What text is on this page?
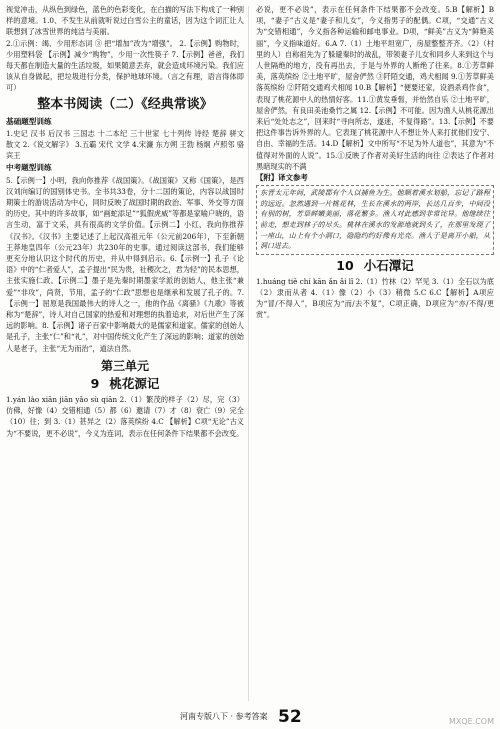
视觉冲击，从纵色到绿色，蓝色的色彩变化，在白描的写法下构成了一种别样的意境。1.0、不发生从前就听说过白雪公主的童话，因为这个词汇让人联想到了冰雪世界的纯洁与美丽。

2.①示例：竭、少用形态词 ③ 把“增加”改为“增强”。 2.【示例】购物时，少用塑料袋 【示例】减少“购物”，少用一次性筷子 7.【示例】爸爸，我们每天都在制造大量的生活垃圾，如果随意丢弃，就会造成环境污染。我们应该从自身做起，把垃圾进行分类，保护地球环境。（言之有理，语言得体即可）

整本书阅读（二）《经典常谈》
基础题型训练

1.史记 汉书 后汉书 三国志 十二本纪 三十世家 七十列传 诗经 楚辞 骈文 散文 2.《说文解字》 3.五霸 宋代 文学 4.宋濂 东方朔 王勃 杨炯 卢照邻 骆宾王

中考题型训练

5.【示例一】小明，我向你推荐《战国策》。《战国策》又称《国策》，是西汉刘向编订的国别体史书。全书共33卷，分十二国的策论，内容以战国时期策士的游说活动为中心，同时反映了战国时期的政治、军事、外交等方面的历史。其中的许多故事，如“画蛇添足”“狐假虎威”等都是家喻户晓的，语言生动，富于文采，具有很高的文学价值。【示例二】小红，我向你推荐《汉书》。《汉书》主要记述了上起汉高祖元年（公元前206年），下至新朝王莽地皇四年（公元23年）共230年的史事。通过阅读这部书，我们能够更充分地认识这个时代的历史，并从中得到启示。6.【示例一】孔子《论语》中的“仁者爱人”，孟子提出“民为贵，社稷次之，君为轻”的民本思想，主张实施仁政。【示例二】墨子是先秦时期墨家学派的创始人，他主张“兼爱”“非攻”，尚贤，节用，孟子的“仁政”思想也是继承和发展了孔子的。7.【示例一】屈原是我国最伟大的诗人之一，他的作品《离骚》《九歌》等被称为“楚辞”，诗人对自己国家的热爱和对理想的执着追求，对后世产生了深远的影响。8.【示例】诸子百家中影响最大的是儒家和道家。儒家的创始人是孔子，主张“仁”和“礼”，对中国传统文化产生了深远的影响；道家的创始人是老子，主张“无为而治”，道法自然。

第三单元
9 桃花源记

1.yán lào xiān jiān yǎo sù qiān 2.（1）繁茂的样子（2）尽，完（3）仿佛，好像（4）交错相通（5）都（6）邀请（7）才（8）衰亡（9）完全（10）往；到 3.（1）甚异之（2）落英缤纷 4.C 【解析】C项“无论”古义为“不要说，更不必说”，今义为连词，表示在任何条件下结果都不会改变。

必说，更不必说”，表示在任何条件下结果都不会改变。5.B【解析】B项，“妻子”古义是“妻子和儿女”，今义指男子的配偶。C项，“交通”古义为“交错相通”，今义指各种运输和邮电事业。D项，“鲜美”古义为“鲜艳美丽”，今义指味道好。6.A 7.（1）土地平坦宽广，房屋整整齐齐。（2）（村里的人）自称祖先为了躲避秦时的战乱，带领妻子儿女和同乡人来到这个与人世隔绝的地方，没有再出去，于是与外界的人断绝了往来。8.①芳草鲜美，落英缤纷 ②土地平旷，屋舍俨然 ③阡陌交通，鸡犬相闻 9.①芳草鲜美落英缤纷 ②阡陌交通鸡犬相闻 10.B【解析】“便要还家，设酒杀鸡作食”，表现了桃花源中人的热情好客。11.①黄发垂髫，并怡然自乐 ②土地平旷，屋舍俨然，有良田美池桑竹之属 12.【示例】不可能。因为渔人从桃花源出来后“处处志之”，回来时“寻向所志，遂迷，不复得路”。13.【示例】不要把这件事告诉外界的人。它表现了桃花源中人不想让外人来打扰他们安宁、自由、幸福的生活。14.D【解析】文中所写“不足为外人道也”，其意为“不值得对外面的人说”。15.①反映了作者对美好生活的向往 ②表达了作者对黑暗现实的不满

【附】译文参考
东晋太元年间，武陵郡有个人以捕鱼为生。他顺着溪水划船，忘记了路程的远近。忽然遇到一片桃花林，生长在溪水的两岸，长达几百步，中间没有别的树，芳草鲜嫩美丽，落花繁多。渔人对此感到非常诧异。他继续往前走，想走到林子的尽头。桃林在溪水的发源地就到头了，在那里发现了一座山，山上有个小洞口，隐隐约约好像有光亮。渔人于是离开小船，从洞口进去。
10 小石潭记

1.huáng tiě chí kān ǎn ǎi lǐ 2.（1）竹林（2）罕见 3.（1）全石以为底（2）隶而从者 4.（1）像（2）小（3）稍微 5.C 6.C【解析】A项应为“冒/不得入”，B项应为“而/去不复”，C项正确，D项应为“亦/不得/更赏”。

河南专版八下 · 参考答案 52	MXQE.COM
